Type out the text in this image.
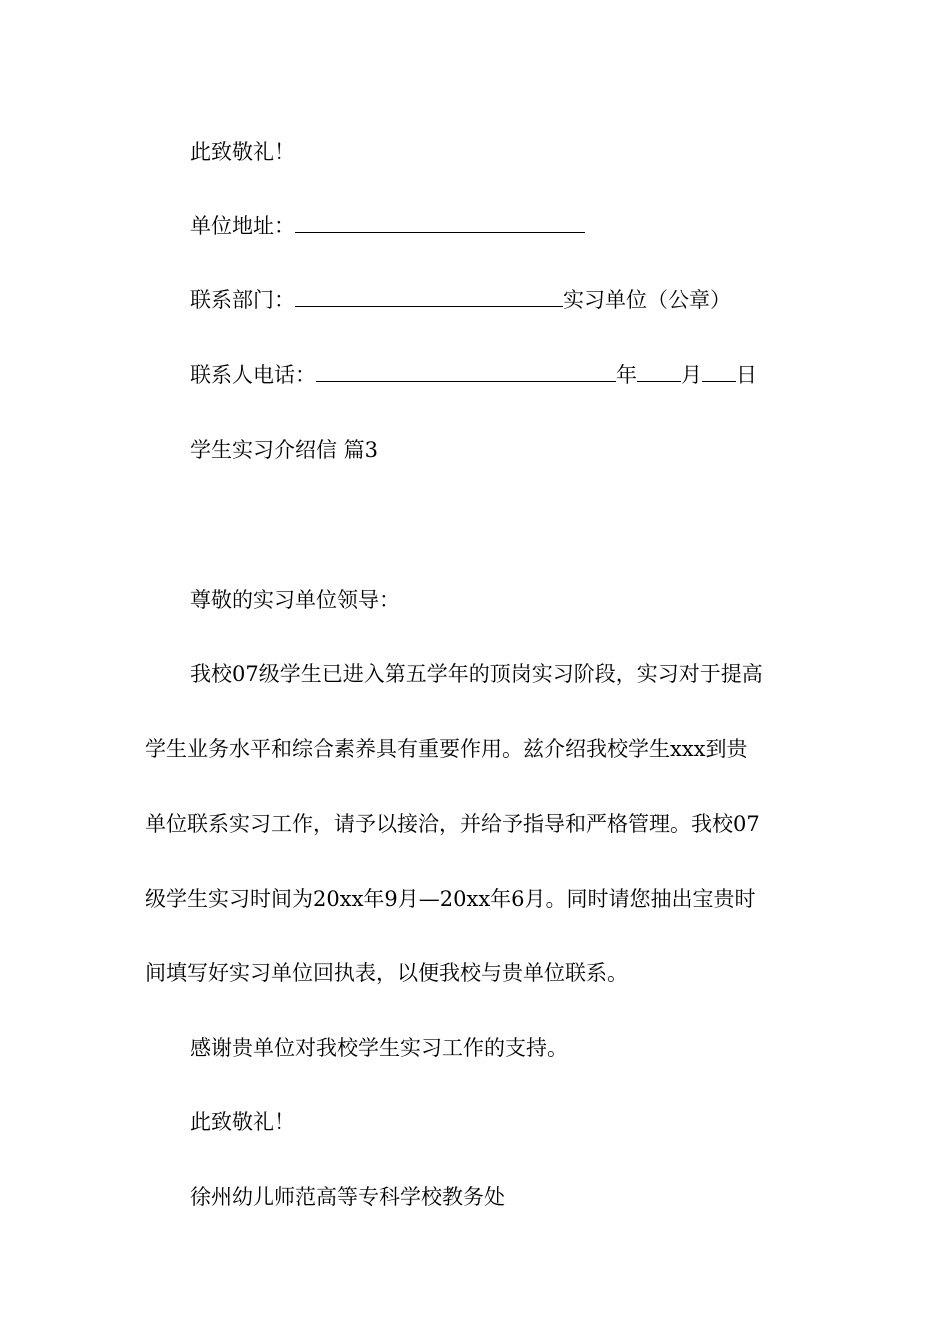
此致敬礼！
单位地址：
联系部门：	实习单位（公章）
联系人电话：	年 月 日
学生实习介绍信 篇3
尊敬的实习单位领导：
我校07级学生已进入第五学年的顶岗实习阶段，实习对于提高
学生业务水平和综合素养具有重要作用。兹介绍我校学生xxx到贵
单位联系实习工作，请予以接洽，并给予指导和严格管理。我校07
级学生实习时间为20xx年9月—20xx年6月。同时请您抽出宝贵时
间填写好实习单位回执表，以便我校与贵单位联系。
感谢贵单位对我校学生实习工作的支持。
此致敬礼！
徐州幼儿师范高等专科学校教务处
